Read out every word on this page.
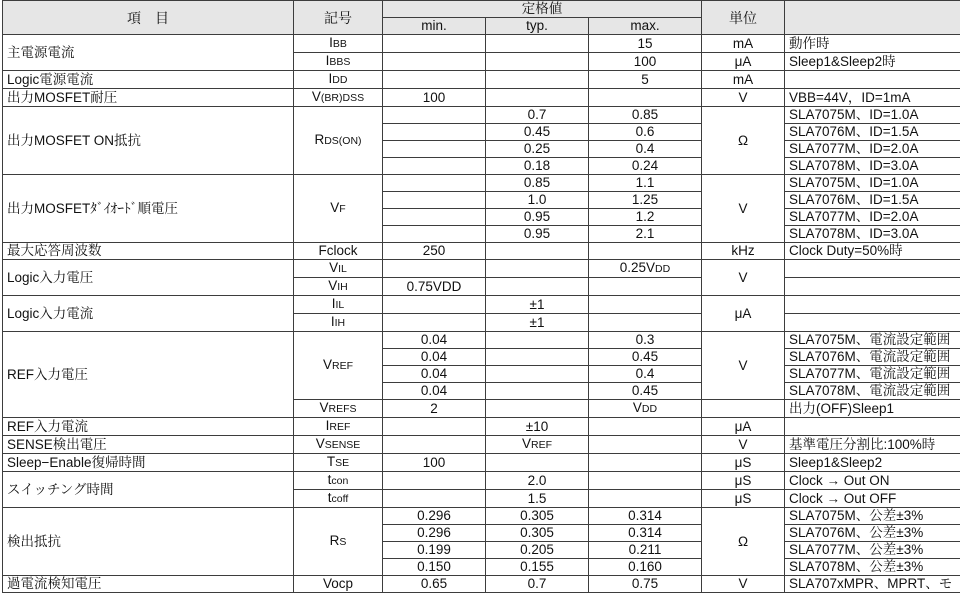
項　目	記号	定格値			単位	
		min.	typ.	max.		
主電源電流	IBB			15	mA	動作時
	IBBS			100	μA	Sleep1&Sleep2時
Logic電源電流	IDD			5	mA	
出力MOSFET耐圧	V(BR)DSS	100			V	VBB=44V，ID=1mA
出力MOSFET ON抵抗	RDS(ON)		0.7	0.85	Ω	SLA7075M、ID=1.0A
			0.45	0.6		SLA7076M、ID=1.5A
			0.25	0.4		SLA7077M、ID=2.0A
			0.18	0.24		SLA7078M、ID=3.0A
出力MOSFETﾀﾞｲｵｰﾄﾞ順電圧	VF		0.85	1.1	V	SLA7075M、ID=1.0A
			1.0	1.25		SLA7076M、ID=1.5A
			0.95	1.2		SLA7077M、ID=2.0A
			0.95	2.1		SLA7078M、ID=3.0A
最大応答周波数	Fclock	250			kHz	Clock Duty=50%時
Logic入力電圧	VIL			0.25VDD	V	
	VIH	0.75VDD				
Logic入力電流	IIL		±1		μA	
	IIH		±1			
REF入力電圧	VREF	0.04		0.3	V	SLA7075M、電流設定範囲
		0.04		0.45		SLA7076M、電流設定範囲
		0.04		0.4		SLA7077M、電流設定範囲
		0.04		0.45		SLA7078M、電流設定範囲
	VREFS	2		VDD		出力(OFF)Sleep1
REF入力電流	IREF		±10		μA	
SENSE検出電圧	VSENSE		VREF		V	基準電圧分割比:100%時
Sleep−Enable復帰時間	TSE	100			μS	Sleep1&Sleep2
スイッチング時間	tcon		2.0		μS	Clock → Out ON
	tcoff		1.5		μS	Clock → Out OFF
検出抵抗	RS	0.296	0.305	0.314	Ω	SLA7075M、公差±3%
		0.296	0.305	0.314		SLA7076M、公差±3%
		0.199	0.205	0.211		SLA7077M、公差±3%
		0.150	0.155	0.160		SLA7078M、公差±3%
過電流検知電圧	Vocp	0.65	0.7	0.75	V	SLA707xMPR、MPRT、モ
